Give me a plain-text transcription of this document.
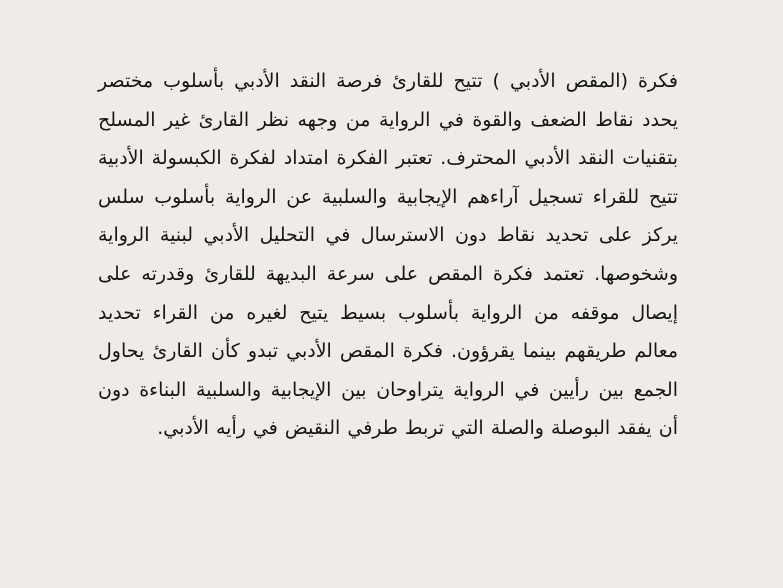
فكرة (المقص الأدبي ) تتيح للقارئ فرصة النقد الأدبي بأسلوب مختصر يحدد نقاط الضعف والقوة في الرواية من وجهه نظر القارئ غير المسلح بتقنيات النقد الأدبي المحترف. تعتبر الفكرة امتداد لفكرة الكبسولة الأدبية تتيح للقراء تسجيل آراءهم الإيجابية والسلبية عن الرواية بأسلوب سلس يركز على تحديد نقاط دون الاسترسال في التحليل الأدبي لبنية الرواية وشخوصها. تعتمد فكرة المقص على سرعة البديهة للقارئ وقدرته على إيصال موقفه من الرواية بأسلوب بسيط يتيح لغيره من القراء تحديد معالم طريقهم بينما يقرؤون. فكرة المقص الأدبي تبدو كأن القارئ يحاول الجمع بين رأيين في الرواية يتراوحان بين الإيجابية والسلبية البناءة دون أن يفقد البوصلة والصلة التي تربط طرفي النقيض في رأيه الأدبي.
